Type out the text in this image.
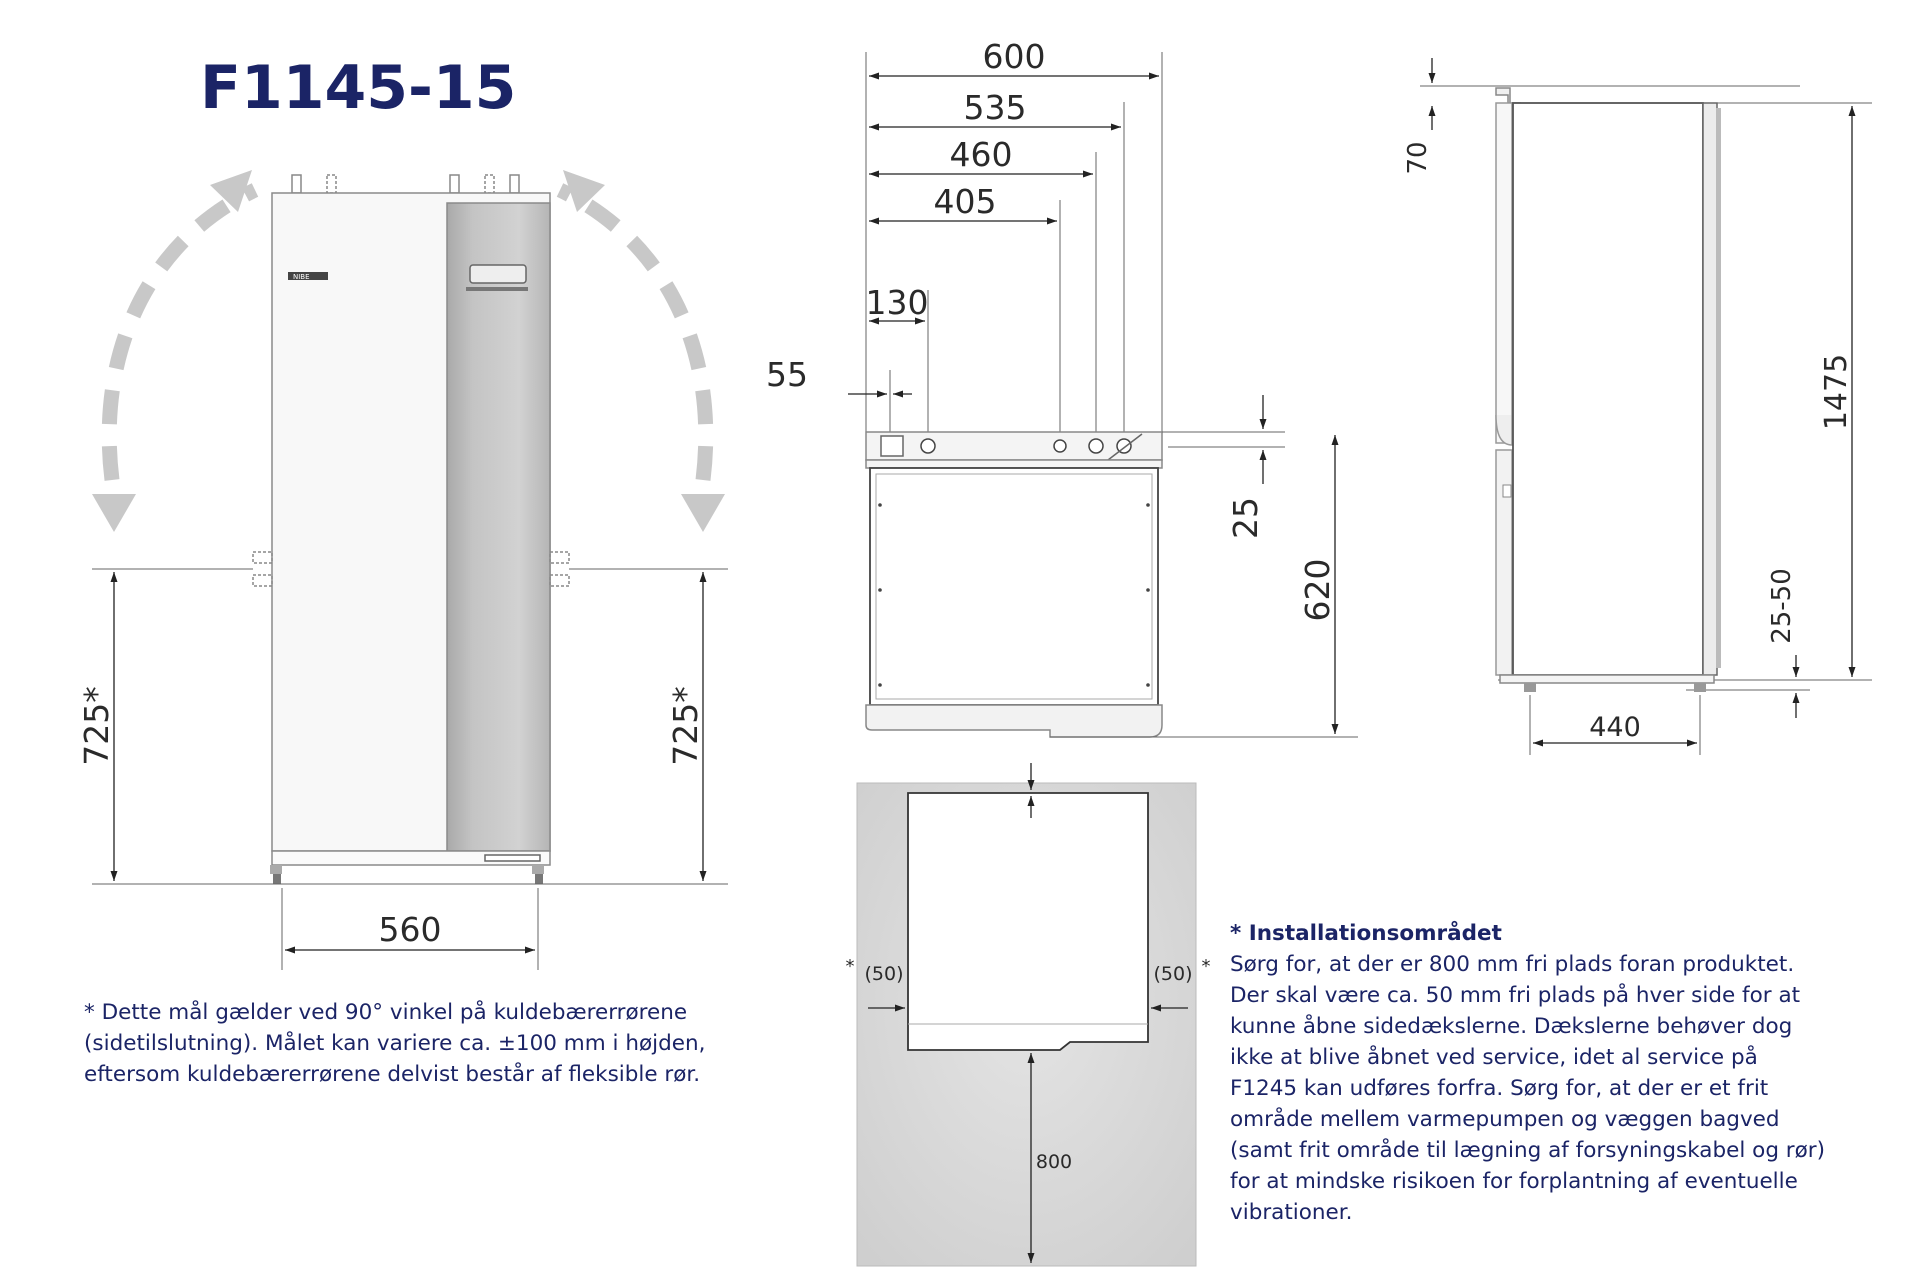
F1145-15
NIBE
725*	725*
560
600
535
460
405
130
55
25
620
70
1475
25-50
440
800
* (50)	(50) *

* Dette mål gælder ved 90° vinkel på kuldebærerrørene (sidetilslutning). Målet kan variere ca. ±100 mm i højden, eftersom kuldebærerrørene delvist består af fleksible rør.

* Installationsområdet
Sørg for, at der er 800 mm fri plads foran produktet. Der skal være ca. 50 mm fri plads på hver side for at kunne åbne sidedækslerne. Dækslerne behøver dog ikke at blive åbnet ved service, idet al service på F1245 kan udføres forfra. Sørg for, at der er et frit område mellem varmepumpen og væggen bagved (samt frit område til lægning af forsyningskabel og rør) for at mindske risikoen for forplantning af eventuelle vibrationer.
